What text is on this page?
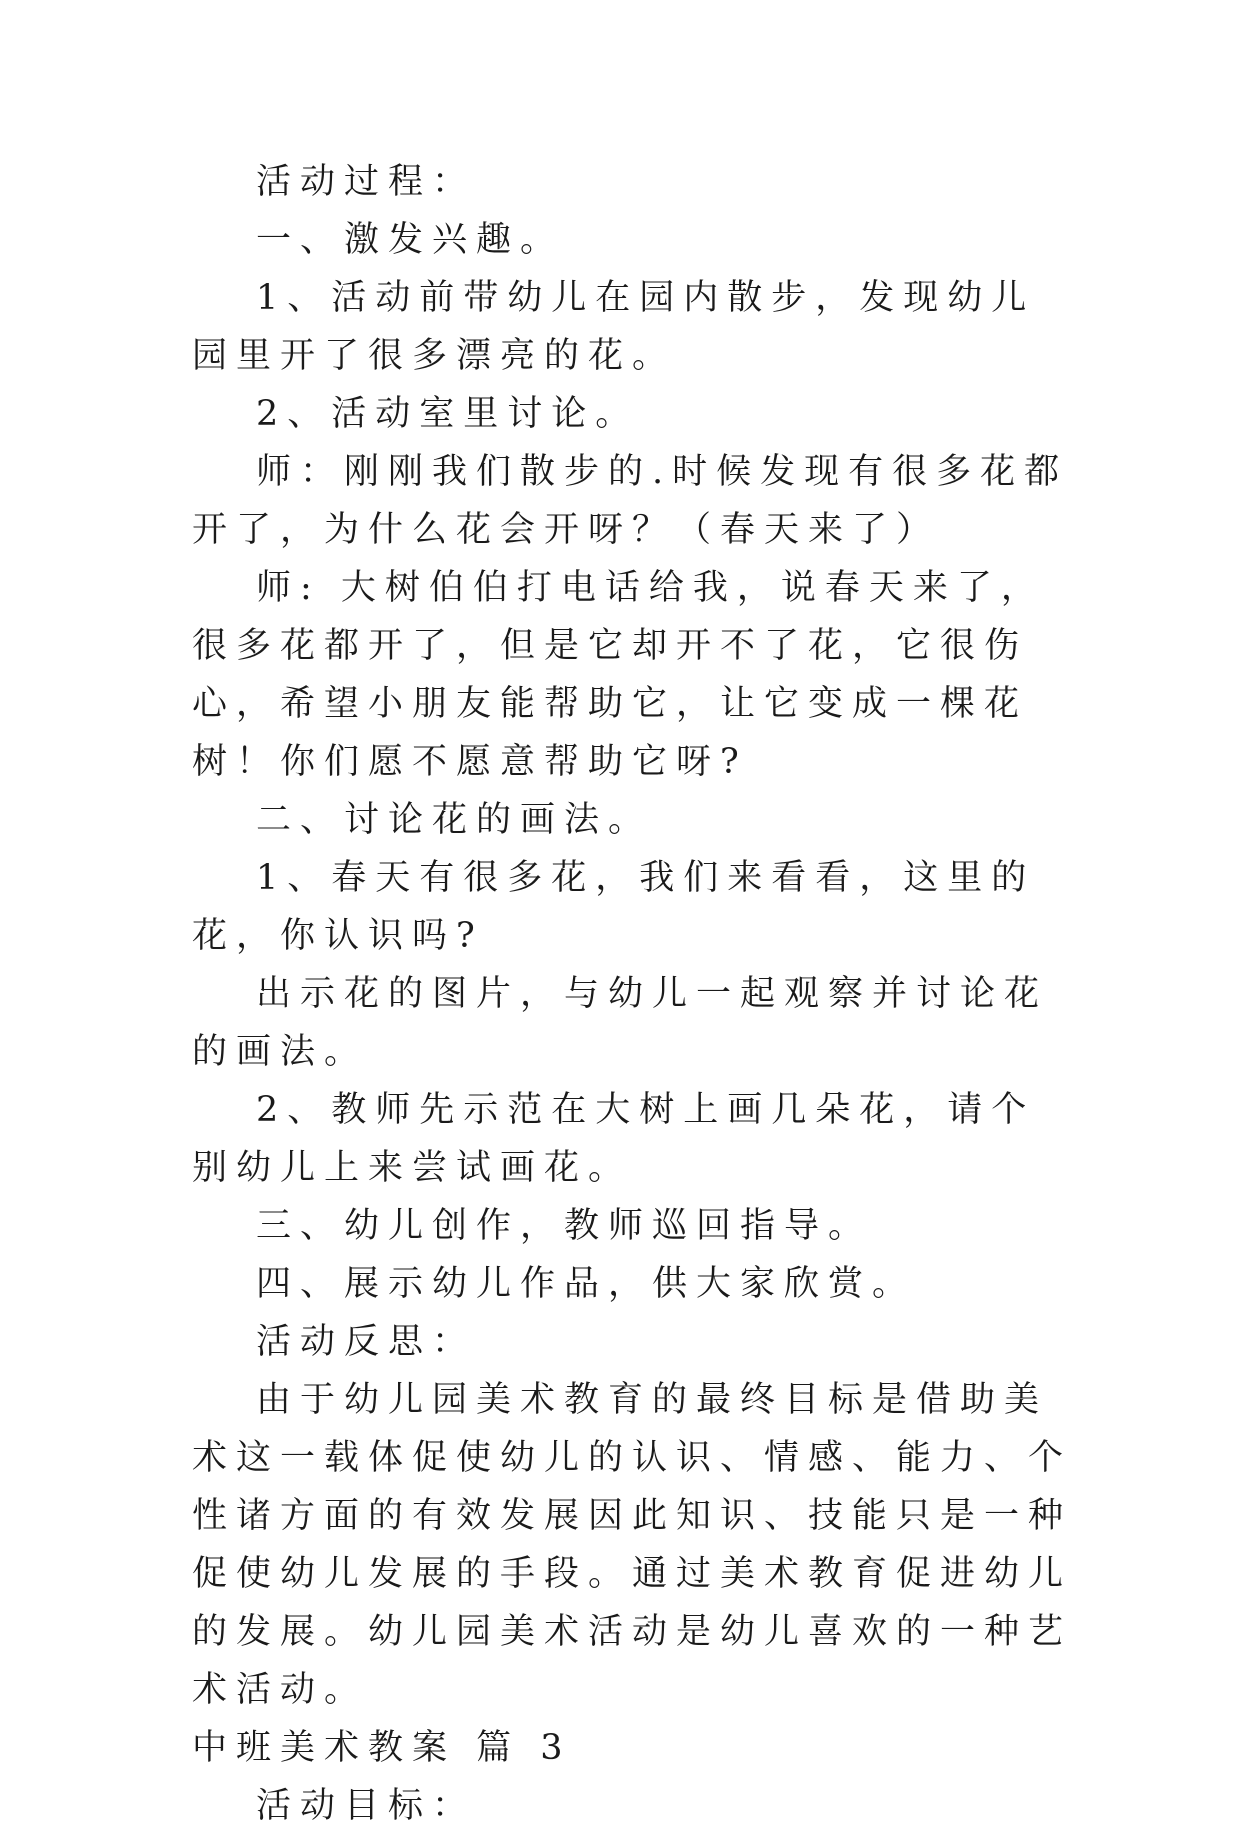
活动过程：

一、激发兴趣。

1、活动前带幼儿在园内散步，发现幼儿园里开了很多漂亮的花。

2、活动室里讨论。

师：刚刚我们散步的.时候发现有很多花都开了，为什么花会开呀？（春天来了）

师: 大树伯伯打电话给我，说春天来了，很多花都开了，但是它却开不了花，它很伤心，希望小朋友能帮助它，让它变成一棵花树！你们愿不愿意帮助它呀?

二、讨论花的画法。

1、春天有很多花，我们来看看，这里的花，你认识吗?

出示花的图片，与幼儿一起观察并讨论花的画法。

2、教师先示范在大树上画几朵花，请个别幼儿上来尝试画花。

三、幼儿创作，教师巡回指导。

四、展示幼儿作品，供大家欣赏。

活动反思：

由于幼儿园美术教育的最终目标是借助美术这一载体促使幼儿的认识、情感、能力、个性诸方面的有效发展因此知识、技能只是一种促使幼儿发展的手段。通过美术教育促进幼儿的发展。幼儿园美术活动是幼儿喜欢的一种艺术活动。

中班美术教案 篇 3

活动目标：
